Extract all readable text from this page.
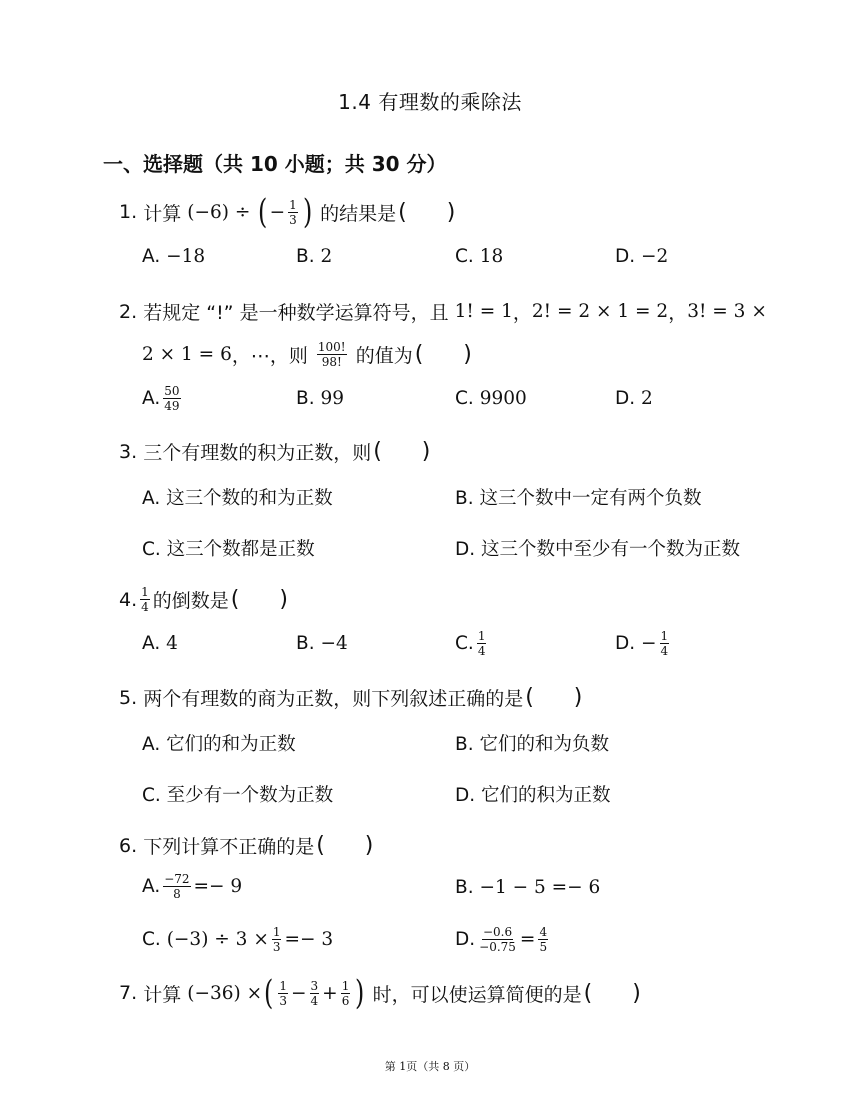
1.4 有理数的乘除法
一、选择题（共 10 小题；共 30 分）
1.
计算
(−6) ÷
( − $\frac{1}{3}$ )
的结果是 ( )
A.
−18	B.
2	C.
18	D.
−2
2.
若规定 “!” 是一种数学运算符号，且
1! = 1 ， 2! = 2 × 1 = 2 ， 3! = 3 ×
2 × 1 = 6 ，⋯，则
$\frac{100!}{98!}$
的值为 ( )
A. $\frac{50}{49}$	B.
99	C.
9900	D.
2
3.
三个有理数的积为正数，则 ( )
A. 这三个数的和为正数	B. 这三个数中一定有两个负数
C. 这三个数都是正数	D. 这三个数中至少有一个数为正数
4. $\frac{1}{4}$ 的倒数是 ( )
A.
4	B.
−4	C. $\frac{1}{4}$	D.
− $\frac{1}{4}$
5.
两个有理数的商为正数，则下列叙述正确的是 ( )
A. 它们的和为正数	B. 它们的和为负数
C. 至少有一个数为正数	D. 它们的积为正数
6.
下列计算不正确的是 ( )
A. $\frac{-72}{8} =- 9$	B.
−1 − 5 =− 6
C.
$(-3) \div 3 \times \frac{1}{3} =- 3$	D. $\frac{-0.6}{-0.75} = \frac{4}{5}$
7.
计算
(−36) × ( $\frac{1}{3} - \frac{3}{4} + \frac{1}{6}$ )
时，可以使运算简便的是 ( )
第 1页（共 8 页）
